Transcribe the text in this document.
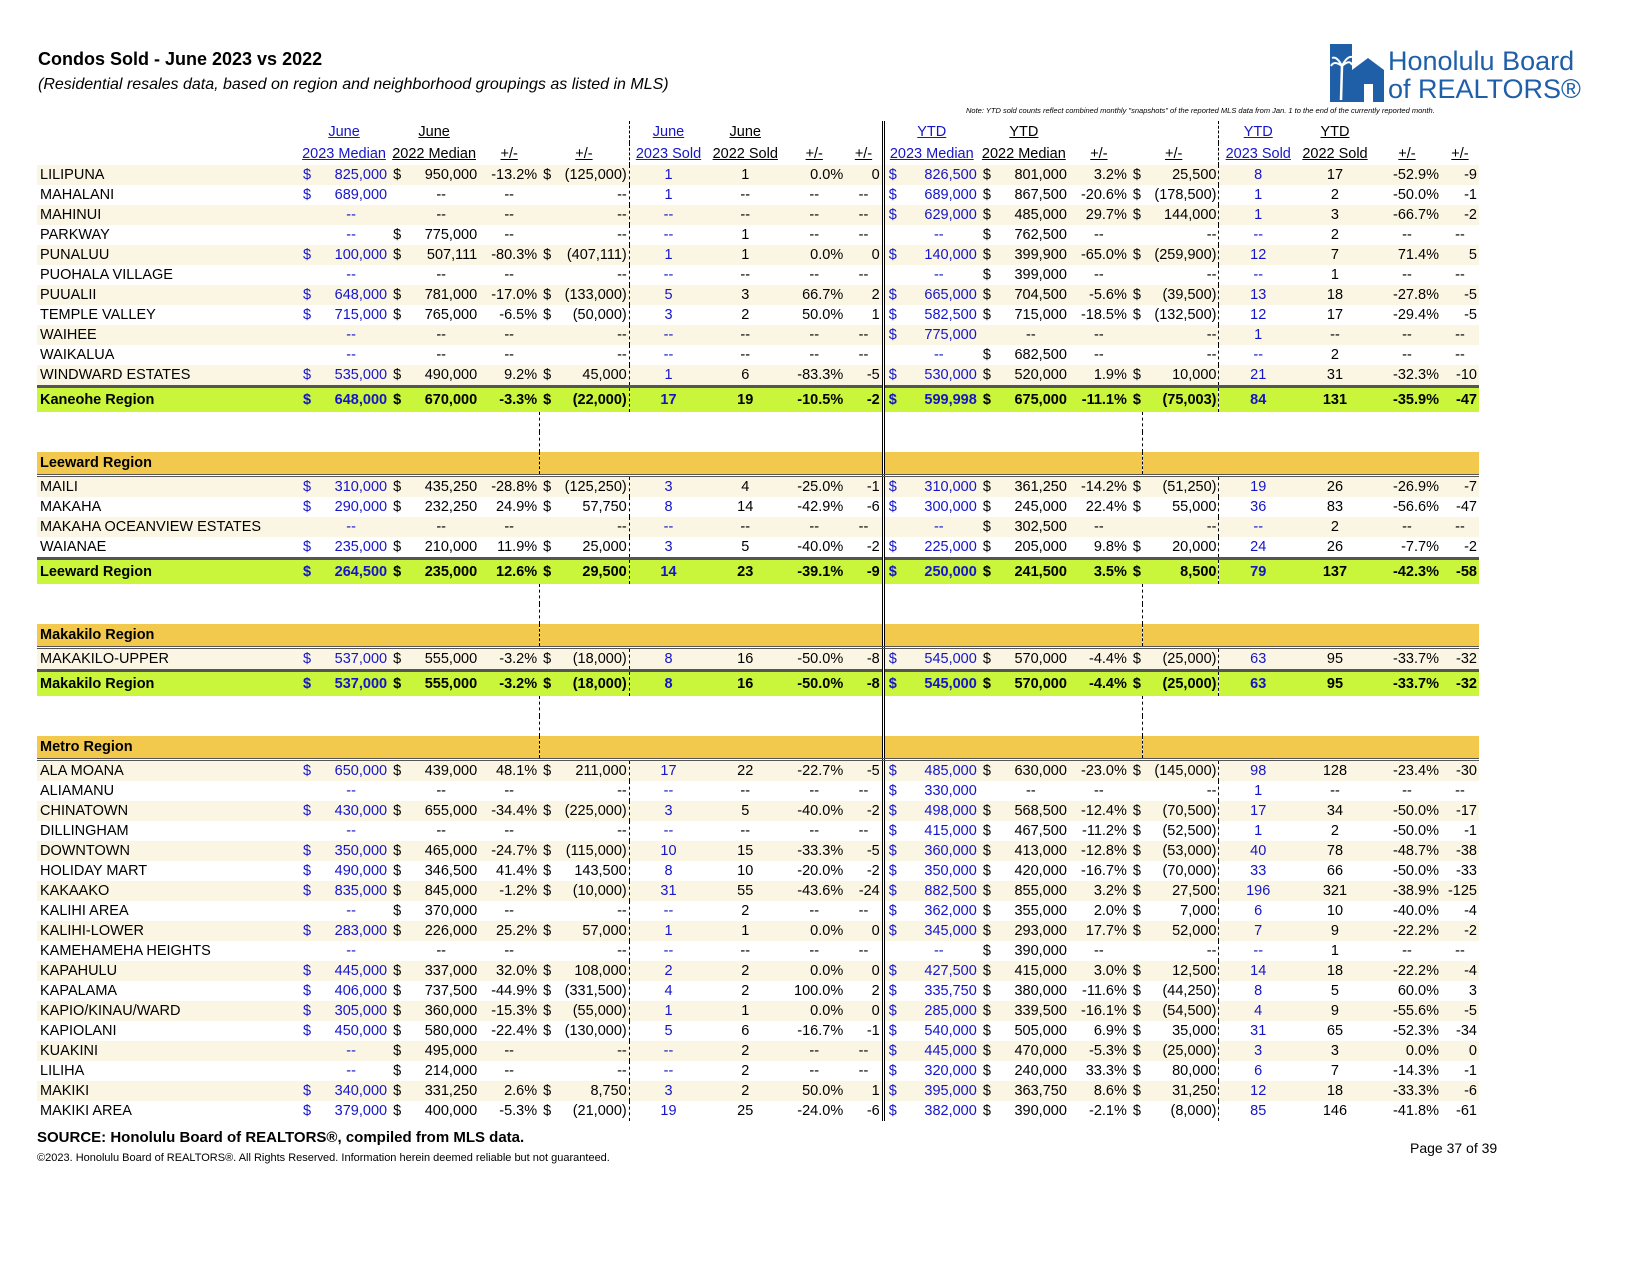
Condos Sold - June 2023 vs 2022
(Residential resales data, based on region and neighborhood groupings as listed in MLS)
Honolulu Board
of REALTORS®
Note: YTD sold counts reflect combined monthly "snapshots" of the reported MLS data from Jan. 1 to the end of the currently reported month.
	June		June					June	June			YTD		YTD					YTD	YTD		
	2023 Median		2022 Median		+/-	+/-		2023 Sold	2022 Sold	+/-	+/-	2023 Median		2022 Median		+/-	+/-		2023 Sold	2022 Sold	+/-	+/-
LILIPUNA	$	825,000	$	950,000	-13.2%	$	(125,000)	1	1	0.0%	0	$	826,500	$	801,000	3.2%	$	25,500	8	17	-52.9%	-9
MAHALANI	$	689,000		--	--		--	1	--	--	--	$	689,000	$	867,500	-20.6%	$	(178,500)	1	2	-50.0%	-1
MAHINUI		--		--	--		--	--	--	--	--	$	629,000	$	485,000	29.7%	$	144,000	1	3	-66.7%	-2
PARKWAY		--	$	775,000	--		--	--	1	--	--		--	$	762,500	--		--	--	2	--	--
PUNALUU	$	100,000	$	507,111	-80.3%	$	(407,111)	1	1	0.0%	0	$	140,000	$	399,900	-65.0%	$	(259,900)	12	7	71.4%	5
PUOHALA VILLAGE		--		--	--		--	--	--	--	--		--	$	399,000	--		--	--	1	--	--
PUUALII	$	648,000	$	781,000	-17.0%	$	(133,000)	5	3	66.7%	2	$	665,000	$	704,500	-5.6%	$	(39,500)	13	18	-27.8%	-5
TEMPLE VALLEY	$	715,000	$	765,000	-6.5%	$	(50,000)	3	2	50.0%	1	$	582,500	$	715,000	-18.5%	$	(132,500)	12	17	-29.4%	-5
WAIHEE		--		--	--		--	--	--	--	--	$	775,000		--	--		--	1	--	--	--
WAIKALUA		--		--	--		--	--	--	--	--		--	$	682,500	--		--	--	2	--	--
WINDWARD ESTATES	$	535,000	$	490,000	9.2%	$	45,000	1	6	-83.3%	-5	$	530,000	$	520,000	1.9%	$	10,000	21	31	-32.3%	-10
Kaneohe Region	$	648,000	$	670,000	-3.3%	$	(22,000)	17	19	-10.5%	-2	$	599,998	$	675,000	-11.1%	$	(75,003)	84	131	-35.9%	-47

Leeward Region																						
MAILI	$	310,000	$	435,250	-28.8%	$	(125,250)	3	4	-25.0%	-1	$	310,000	$	361,250	-14.2%	$	(51,250)	19	26	-26.9%	-7
MAKAHA	$	290,000	$	232,250	24.9%	$	57,750	8	14	-42.9%	-6	$	300,000	$	245,000	22.4%	$	55,000	36	83	-56.6%	-47
MAKAHA OCEANVIEW ESTATES		--		--	--		--	--	--	--	--		--	$	302,500	--		--	--	2	--	--
WAIANAE	$	235,000	$	210,000	11.9%	$	25,000	3	5	-40.0%	-2	$	225,000	$	205,000	9.8%	$	20,000	24	26	-7.7%	-2
Leeward Region	$	264,500	$	235,000	12.6%	$	29,500	14	23	-39.1%	-9	$	250,000	$	241,500	3.5%	$	8,500	79	137	-42.3%	-58

Makakilo Region																						
MAKAKILO-UPPER	$	537,000	$	555,000	-3.2%	$	(18,000)	8	16	-50.0%	-8	$	545,000	$	570,000	-4.4%	$	(25,000)	63	95	-33.7%	-32
Makakilo Region	$	537,000	$	555,000	-3.2%	$	(18,000)	8	16	-50.0%	-8	$	545,000	$	570,000	-4.4%	$	(25,000)	63	95	-33.7%	-32

Metro Region																						
ALA MOANA	$	650,000	$	439,000	48.1%	$	211,000	17	22	-22.7%	-5	$	485,000	$	630,000	-23.0%	$	(145,000)	98	128	-23.4%	-30
ALIAMANU		--		--	--		--	--	--	--	--	$	330,000		--	--		--	1	--	--	--
CHINATOWN	$	430,000	$	655,000	-34.4%	$	(225,000)	3	5	-40.0%	-2	$	498,000	$	568,500	-12.4%	$	(70,500)	17	34	-50.0%	-17
DILLINGHAM		--		--	--		--	--	--	--	--	$	415,000	$	467,500	-11.2%	$	(52,500)	1	2	-50.0%	-1
DOWNTOWN	$	350,000	$	465,000	-24.7%	$	(115,000)	10	15	-33.3%	-5	$	360,000	$	413,000	-12.8%	$	(53,000)	40	78	-48.7%	-38
HOLIDAY MART	$	490,000	$	346,500	41.4%	$	143,500	8	10	-20.0%	-2	$	350,000	$	420,000	-16.7%	$	(70,000)	33	66	-50.0%	-33
KAKAAKO	$	835,000	$	845,000	-1.2%	$	(10,000)	31	55	-43.6%	-24	$	882,500	$	855,000	3.2%	$	27,500	196	321	-38.9%	-125
KALIHI AREA		--	$	370,000	--		--	--	2	--	--	$	362,000	$	355,000	2.0%	$	7,000	6	10	-40.0%	-4
KALIHI-LOWER	$	283,000	$	226,000	25.2%	$	57,000	1	1	0.0%	0	$	345,000	$	293,000	17.7%	$	52,000	7	9	-22.2%	-2
KAMEHAMEHA HEIGHTS		--		--	--		--	--	--	--	--		--	$	390,000	--		--	--	1	--	--
KAPAHULU	$	445,000	$	337,000	32.0%	$	108,000	2	2	0.0%	0	$	427,500	$	415,000	3.0%	$	12,500	14	18	-22.2%	-4
KAPALAMA	$	406,000	$	737,500	-44.9%	$	(331,500)	4	2	100.0%	2	$	335,750	$	380,000	-11.6%	$	(44,250)	8	5	60.0%	3
KAPIO/KINAU/WARD	$	305,000	$	360,000	-15.3%	$	(55,000)	1	1	0.0%	0	$	285,000	$	339,500	-16.1%	$	(54,500)	4	9	-55.6%	-5
KAPIOLANI	$	450,000	$	580,000	-22.4%	$	(130,000)	5	6	-16.7%	-1	$	540,000	$	505,000	6.9%	$	35,000	31	65	-52.3%	-34
KUAKINI		--	$	495,000	--		--	--	2	--	--	$	445,000	$	470,000	-5.3%	$	(25,000)	3	3	0.0%	0
LILIHA		--	$	214,000	--		--	--	2	--	--	$	320,000	$	240,000	33.3%	$	80,000	6	7	-14.3%	-1
MAKIKI	$	340,000	$	331,250	2.6%	$	8,750	3	2	50.0%	1	$	395,000	$	363,750	8.6%	$	31,250	12	18	-33.3%	-6
MAKIKI AREA	$	379,000	$	400,000	-5.3%	$	(21,000)	19	25	-24.0%	-6	$	382,000	$	390,000	-2.1%	$	(8,000)	85	146	-41.8%	-61
SOURCE: Honolulu Board of REALTORS®, compiled from MLS data.
©2023. Honolulu Board of REALTORS®. All Rights Reserved. Information herein deemed reliable but not guaranteed.
Page 37 of 39
